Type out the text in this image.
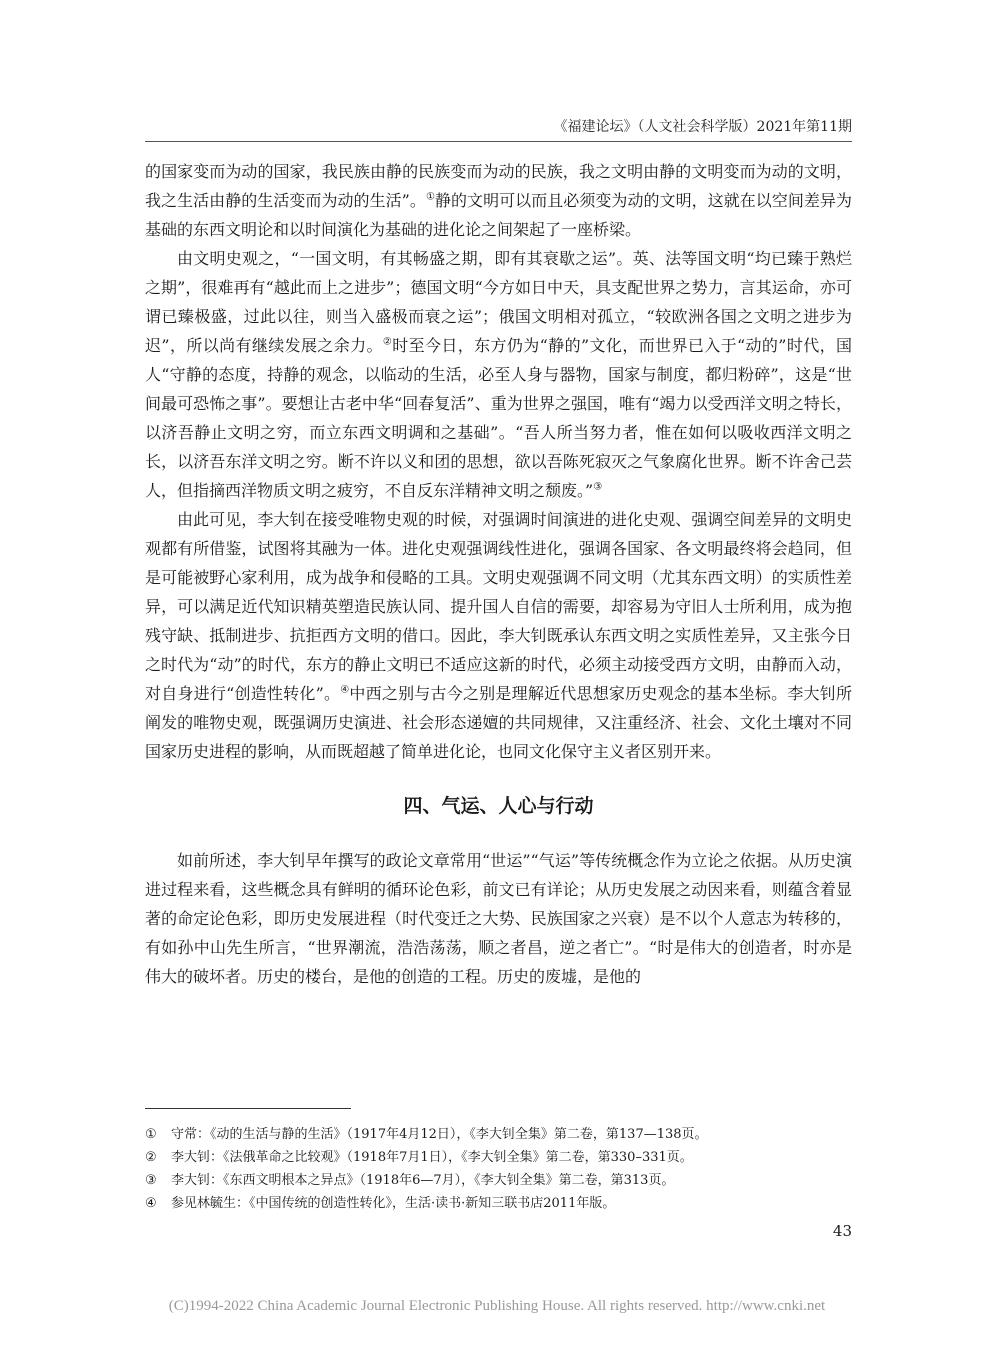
《福建论坛》（人文社会科学版）2021年第11期

的国家变而为动的国家，我民族由静的民族变而为动的民族，我之文明由静的文明变而为动的文明，我之生活由静的生活变而为动的生活”。①静的文明可以而且必须变为动的文明，这就在以空间差异为基础的东西文明论和以时间演化为基础的进化论之间架起了一座桥梁。

由文明史观之，“一国文明，有其畅盛之期，即有其衰歇之运”。英、法等国文明“均已臻于熟烂之期”，很难再有“越此而上之进步”；德国文明“今方如日中天，具支配世界之势力，言其运命，亦可谓已臻极盛，过此以往，则当入盛极而衰之运”；俄国文明相对孤立，“较欧洲各国之文明之进步为迟”，所以尚有继续发展之余力。②时至今日，东方仍为“静的”文化，而世界已入于“动的”时代，国人“守静的态度，持静的观念，以临动的生活，必至人身与器物，国家与制度，都归粉碎”，这是“世间最可恐怖之事”。要想让古老中华“回春复活”、重为世界之强国，唯有“竭力以受西洋文明之特长，以济吾静止文明之穷，而立东西文明调和之基础”。“吾人所当努力者，惟在如何以吸收西洋文明之长，以济吾东洋文明之穷。断不许以义和团的思想，欲以吾陈死寂灭之气象腐化世界。断不许舍己芸人，但指摘西洋物质文明之疲穷，不自反东洋精神文明之颓废。”③

由此可见，李大钊在接受唯物史观的时候，对强调时间演进的进化史观、强调空间差异的文明史观都有所借鉴，试图将其融为一体。进化史观强调线性进化，强调各国家、各文明最终将会趋同，但是可能被野心家利用，成为战争和侵略的工具。文明史观强调不同文明（尤其东西文明）的实质性差异，可以满足近代知识精英塑造民族认同、提升国人自信的需要，却容易为守旧人士所利用，成为抱残守缺、抵制进步、抗拒西方文明的借口。因此，李大钊既承认东西文明之实质性差异，又主张今日之时代为“动”的时代，东方的静止文明已不适应这新的时代，必须主动接受西方文明，由静而入动，对自身进行“创造性转化”。④中西之别与古今之别是理解近代思想家历史观念的基本坐标。李大钊所阐发的唯物史观，既强调历史演进、社会形态递嬗的共同规律，又注重经济、社会、文化土壤对不同国家历史进程的影响，从而既超越了简单进化论，也同文化保守主义者区别开来。

四、气运、人心与行动

如前所述，李大钊早年撰写的政论文章常用“世运”“气运”等传统概念作为立论之依据。从历史演进过程来看，这些概念具有鲜明的循环论色彩，前文已有详论；从历史发展之动因来看，则蕴含着显著的命定论色彩，即历史发展进程（时代变迁之大势、民族国家之兴衰）是不以个人意志为转移的，有如孙中山先生所言，“世界潮流，浩浩荡荡，顺之者昌，逆之者亡”。“时是伟大的创造者，时亦是伟大的破坏者。历史的楼台，是他的创造的工程。历史的废墟，是他的

① 守常：《动的生活与静的生活》（1917年4月12日），《李大钊全集》第二卷，第137—138页。
② 李大钊：《法俄革命之比较观》（1918年7月1日），《李大钊全集》第二卷，第330–331页。
③ 李大钊：《东西文明根本之异点》（1918年6—7月），《李大钊全集》第二卷，第313页。
④ 参见林毓生：《中国传统的创造性转化》，生活·读书·新知三联书店2011年版。
43
(C)1994-2022 China Academic Journal Electronic Publishing House. All rights reserved. http://www.cnki.net
